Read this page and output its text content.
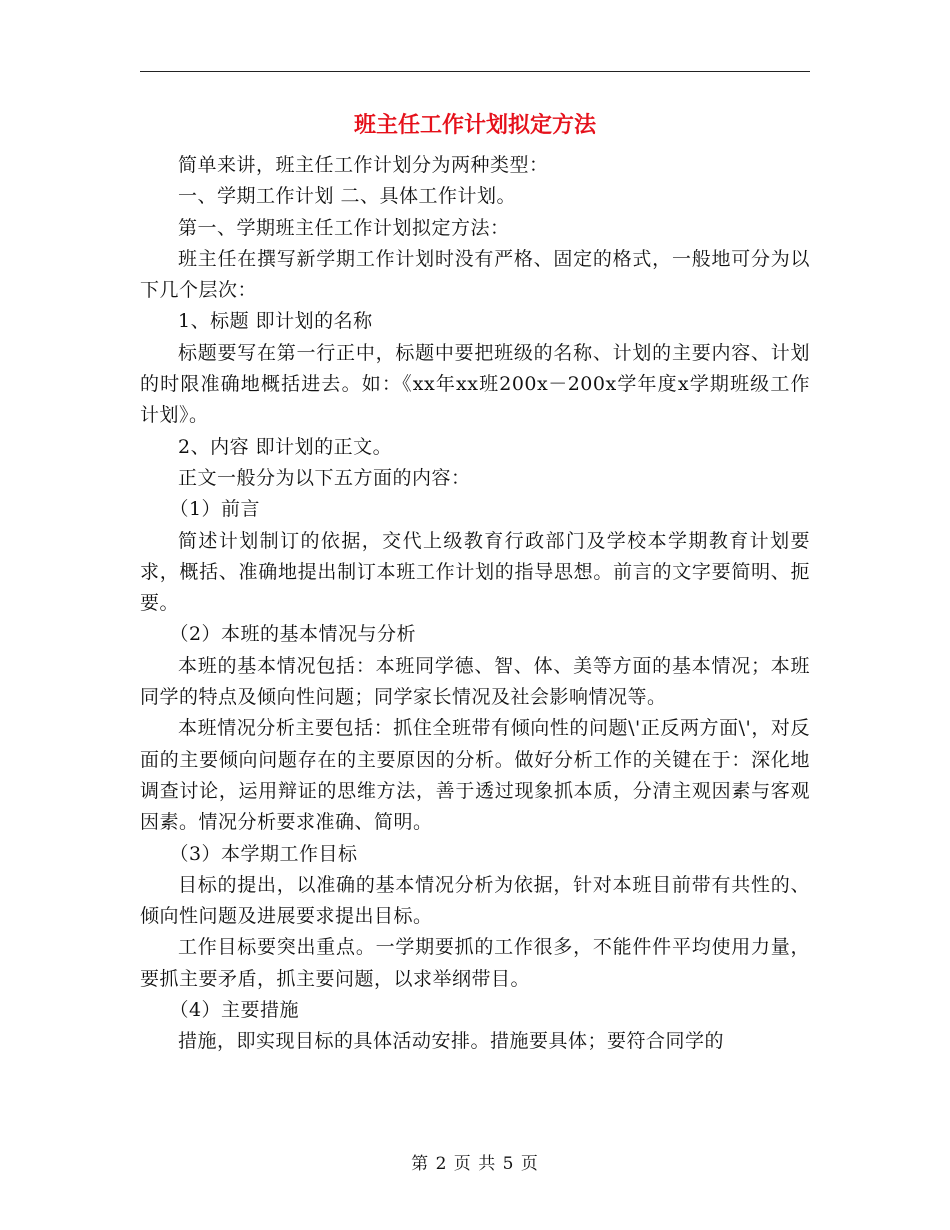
班主任工作计划拟定方法

简单来讲，班主任工作计划分为两种类型：

一、学期工作计划 二、具体工作计划。

第一、学期班主任工作计划拟定方法：

班主任在撰写新学期工作计划时没有严格、固定的格式，一般地可分为以下几个层次：

1、标题 即计划的名称

标题要写在第一行正中，标题中要把班级的名称、计划的主要内容、计划的时限准确地概括进去。如：《xx年xx班200x－200x学年度x学期班级工作计划》。

2、内容 即计划的正文。

正文一般分为以下五方面的内容：

（1）前言

简述计划制订的依据，交代上级教育行政部门及学校本学期教育计划要求，概括、准确地提出制订本班工作计划的指导思想。前言的文字要简明、扼要。

（2）本班的基本情况与分析

本班的基本情况包括：本班同学德、智、体、美等方面的基本情况；本班同学的特点及倾向性问题；同学家长情况及社会影响情况等。

本班情况分析主要包括：抓住全班带有倾向性的问题\'正反两方面\'，对反面的主要倾向问题存在的主要原因的分析。做好分析工作的关键在于：深化地调查讨论，运用辩证的思维方法，善于透过现象抓本质，分清主观因素与客观因素。情况分析要求准确、简明。

（3）本学期工作目标

目标的提出，以准确的基本情况分析为依据，针对本班目前带有共性的、倾向性问题及进展要求提出目标。

工作目标要突出重点。一学期要抓的工作很多，不能件件平均使用力量，要抓主要矛盾，抓主要问题，以求举纲带目。

（4）主要措施

措施，即实现目标的具体活动安排。措施要具体；要符合同学的

第 2 页 共 5 页
